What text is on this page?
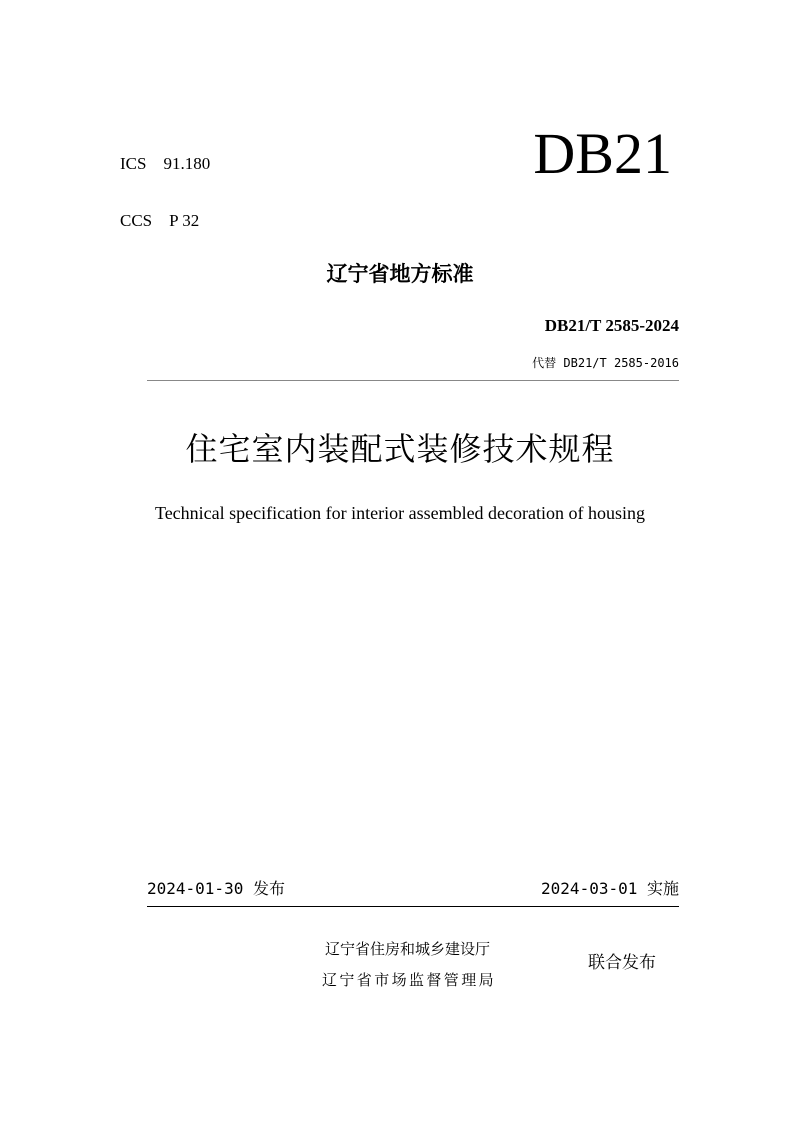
ICS 91.180
CCS P 32
DB21
辽宁省地方标准
DB21/T 2585-2024
代替 DB21/T 2585-2016
住宅室内装配式装修技术规程
Technical specification for interior assembled decoration of housing
2024-01-30 发布	2024-03-01 实施
辽宁省住房和城乡建设厅
辽宁省市场监督管理局
联合发布
